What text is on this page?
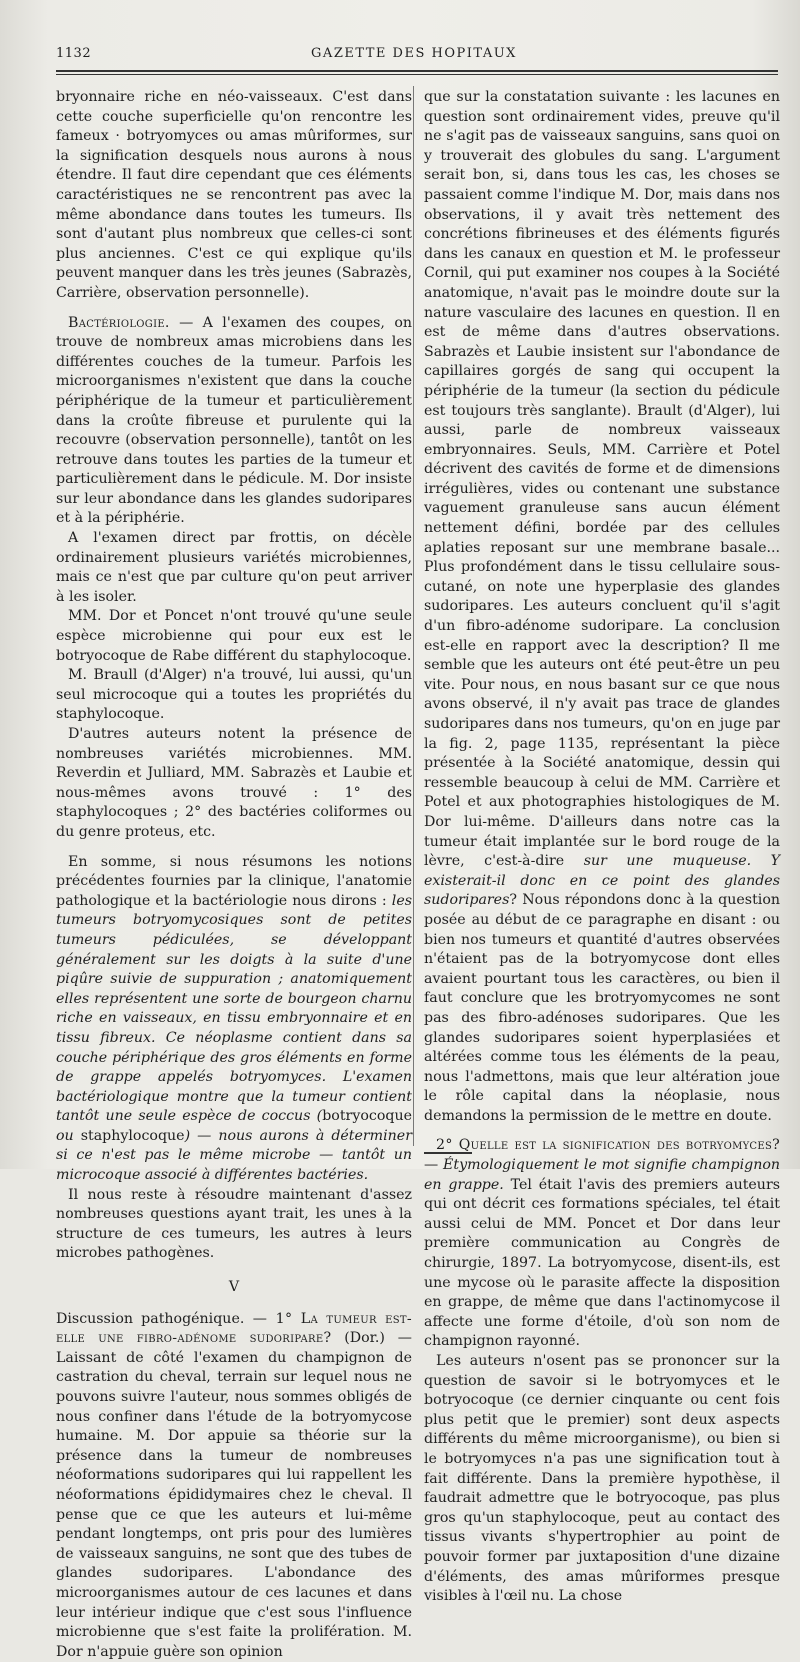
1132	GAZETTE DES HOPITAUX

bryonnaire riche en néo-vaisseaux. C'est dans cette couche superficielle qu'on rencontre les fameux · botryomyces ou amas mûriformes, sur la signification desquels nous aurons à nous étendre. Il faut dire cependant que ces éléments caractéristiques ne se rencontrent pas avec la même abondance dans toutes les tumeurs. Ils sont d'autant plus nombreux que celles-ci sont plus anciennes. C'est ce qui explique qu'ils peuvent manquer dans les très jeunes (Sabrazès, Carrière, observation personnelle).

Bactériologie. — A l'examen des coupes, on trouve de nombreux amas microbiens dans les différentes couches de la tumeur. Parfois les microorganismes n'existent que dans la couche périphérique de la tumeur et particulièrement dans la croûte fibreuse et purulente qui la recouvre (observation personnelle), tantôt on les retrouve dans toutes les parties de la tumeur et particulièrement dans le pédicule. M. Dor insiste sur leur abondance dans les glandes sudoripares et à la périphérie.

A l'examen direct par frottis, on décèle ordinairement plusieurs variétés microbiennes, mais ce n'est que par culture qu'on peut arriver à les isoler.

MM. Dor et Poncet n'ont trouvé qu'une seule espèce microbienne qui pour eux est le botryocoque de Rabe différent du staphylocoque.

M. Braull (d'Alger) n'a trouvé, lui aussi, qu'un seul microcoque qui a toutes les propriétés du staphylocoque.

D'autres auteurs notent la présence de nombreuses variétés microbiennes. MM. Reverdin et Julliard, MM. Sabrazès et Laubie et nous-mêmes avons trouvé : 1° des staphylocoques ; 2° des bactéries coliformes ou du genre proteus, etc.

En somme, si nous résumons les notions précédentes fournies par la clinique, l'anatomie pathologique et la bactériologie nous dirons : les tumeurs botryomycosiques sont de petites tumeurs pédiculées, se développant généralement sur les doigts à la suite d'une piqûre suivie de suppuration ; anatomiquement elles représentent une sorte de bourgeon charnu riche en vaisseaux, en tissu embryonnaire et en tissu fibreux. Ce néoplasme contient dans sa couche périphérique des gros éléments en forme de grappe appelés botryomyces. L'examen bactériologique montre que la tumeur contient tantôt une seule espèce de coccus (botryocoque ou staphylocoque) — nous aurons à déterminer si ce n'est pas le même microbe — tantôt un microcoque associé à différentes bactéries.

Il nous reste à résoudre maintenant d'assez nombreuses questions ayant trait, les unes à la structure de ces tumeurs, les autres à leurs microbes pathogènes.

V

Discussion pathogénique. — 1° La tumeur est-elle une fibro-adénome sudoripare? (Dor.) — Laissant de côté l'examen du champignon de castration du cheval, terrain sur lequel nous ne pouvons suivre l'auteur, nous sommes obligés de nous confiner dans l'étude de la botryomycose humaine. M. Dor appuie sa théorie sur la présence dans la tumeur de nombreuses néoformations sudoripares qui lui rappellent les néoformations épididymaires chez le cheval. Il pense que ce que les auteurs et lui-même pendant longtemps, ont pris pour des lumières de vaisseaux sanguins, ne sont que des tubes de glandes sudoripares. L'abondance des microorganismes autour de ces lacunes et dans leur intérieur indique que c'est sous l'influence microbienne que s'est faite la prolifération. M. Dor n'appuie guère son opinion

que sur la constatation suivante : les lacunes en question sont ordinairement vides, preuve qu'il ne s'agit pas de vaisseaux sanguins, sans quoi on y trouverait des globules du sang. L'argument serait bon, si, dans tous les cas, les choses se passaient comme l'indique M. Dor, mais dans nos observations, il y avait très nettement des concrétions fibrineuses et des éléments figurés dans les canaux en question et M. le professeur Cornil, qui put examiner nos coupes à la Société anatomique, n'avait pas le moindre doute sur la nature vasculaire des lacunes en question. Il en est de même dans d'autres observations. Sabrazès et Laubie insistent sur l'abondance de capillaires gorgés de sang qui occupent la périphérie de la tumeur (la section du pédicule est toujours très sanglante). Brault (d'Alger), lui aussi, parle de nombreux vaisseaux embryonnaires. Seuls, MM. Carrière et Potel décrivent des cavités de forme et de dimensions irrégulières, vides ou contenant une substance vaguement granuleuse sans aucun élément nettement défini, bordée par des cellules aplaties reposant sur une membrane basale... Plus profondément dans le tissu cellulaire sous-cutané, on note une hyperplasie des glandes sudoripares. Les auteurs concluent qu'il s'agit d'un fibro-adénome sudoripare. La conclusion est-elle en rapport avec la description? Il me semble que les auteurs ont été peut-être un peu vite. Pour nous, en nous basant sur ce que nous avons observé, il n'y avait pas trace de glandes sudoripares dans nos tumeurs, qu'on en juge par la fig. 2, page 1135, représentant la pièce présentée à la Société anatomique, dessin qui ressemble beaucoup à celui de MM. Carrière et Potel et aux photographies histologiques de M. Dor lui-même. D'ailleurs dans notre cas la tumeur était implantée sur le bord rouge de la lèvre, c'est-à-dire sur une muqueuse. Y existerait-il donc en ce point des glandes sudoripares? Nous répondons donc à la question posée au début de ce paragraphe en disant : ou bien nos tumeurs et quantité d'autres observées n'étaient pas de la botryomycose dont elles avaient pourtant tous les caractères, ou bien il faut conclure que les brotryomycomes ne sont pas des fibro-adénoses sudoripares. Que les glandes sudoripares soient hyperplasiées et altérées comme tous les éléments de la peau, nous l'admettons, mais que leur altération joue le rôle capital dans la néoplasie, nous demandons la permission de le mettre en doute.

2° Quelle est la signification des botryomyces? — Étymologiquement le mot signifie champignon en grappe. Tel était l'avis des premiers auteurs qui ont décrit ces formations spéciales, tel était aussi celui de MM. Poncet et Dor dans leur première communication au Congrès de chirurgie, 1897. La botryomycose, disent-ils, est une mycose où le parasite affecte la disposition en grappe, de même que dans l'actinomycose il affecte une forme d'étoile, d'où son nom de champignon rayonné.

Les auteurs n'osent pas se prononcer sur la question de savoir si le botryomyces et le botryocoque (ce dernier cinquante ou cent fois plus petit que le premier) sont deux aspects différents du même microorganisme), ou bien si le botryomyces n'a pas une signification tout à fait différente. Dans la première hypothèse, il faudrait admettre que le botryocoque, pas plus gros qu'un staphylocoque, peut au contact des tissus vivants s'hypertrophier au point de pouvoir former par juxtaposition d'une dizaine d'éléments, des amas mûriformes presque visibles à l'œil nu. La chose
